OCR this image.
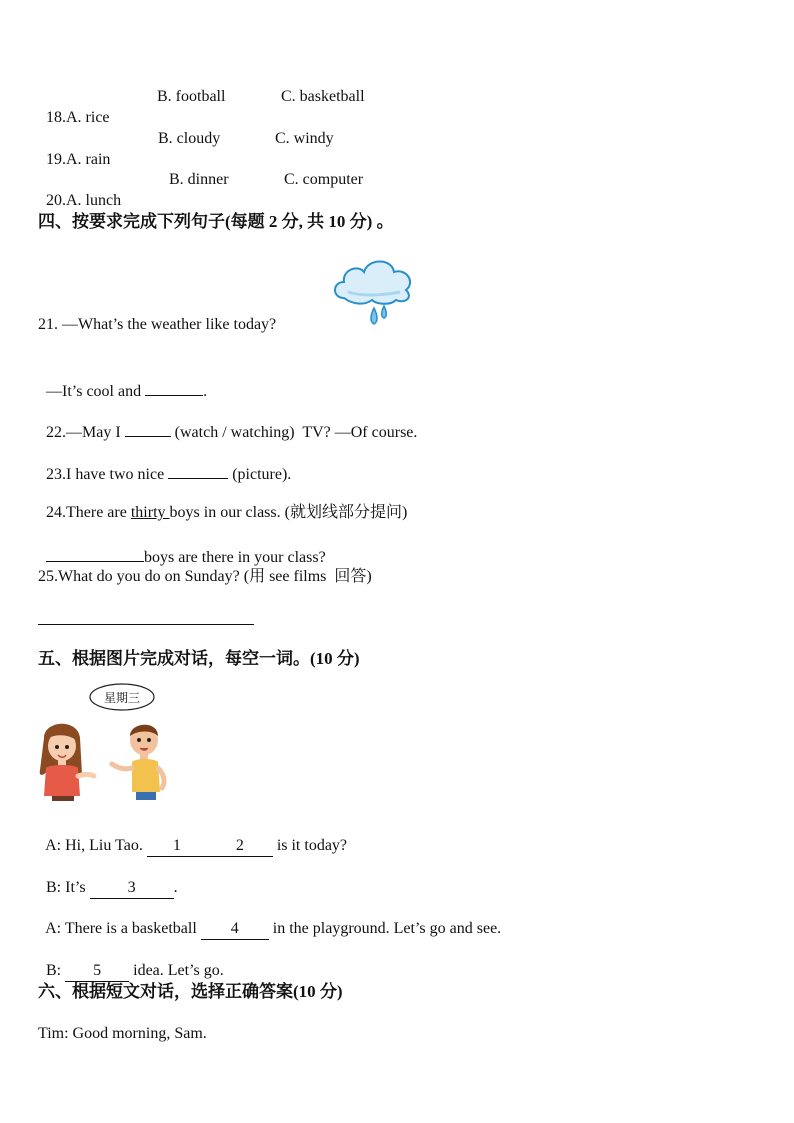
18.A. rice

B. football	C. basketball

19.A. rain

B. cloudy	C. windy

20.A. lunch

B. dinner	C. computer
四、按要求完成下列句子(每题 2 分, 共 10 分) 。
21. —What’s the weather like today?

—It’s cool and	.

22.—May I	(watch / watching)  TV? —Of course.

23.I have two nice	(picture).

24.There are thirty boys in our class. (就划线部分提问)

boys are there in your class?

25.What do you do on Sunday? (用 see films  回答)
五、根据图片完成对话，每空一词。(10 分)
星期三

A: Hi, Liu Tao. 1	2 is it today?

B: It’s 3 .

A: There is a basketball 4 in the playground. Let’s go and see.

B: 5 idea. Let’s go.

六、根据短文对话，选择正确答案(10 分)
Tim: Good morning, Sam.
